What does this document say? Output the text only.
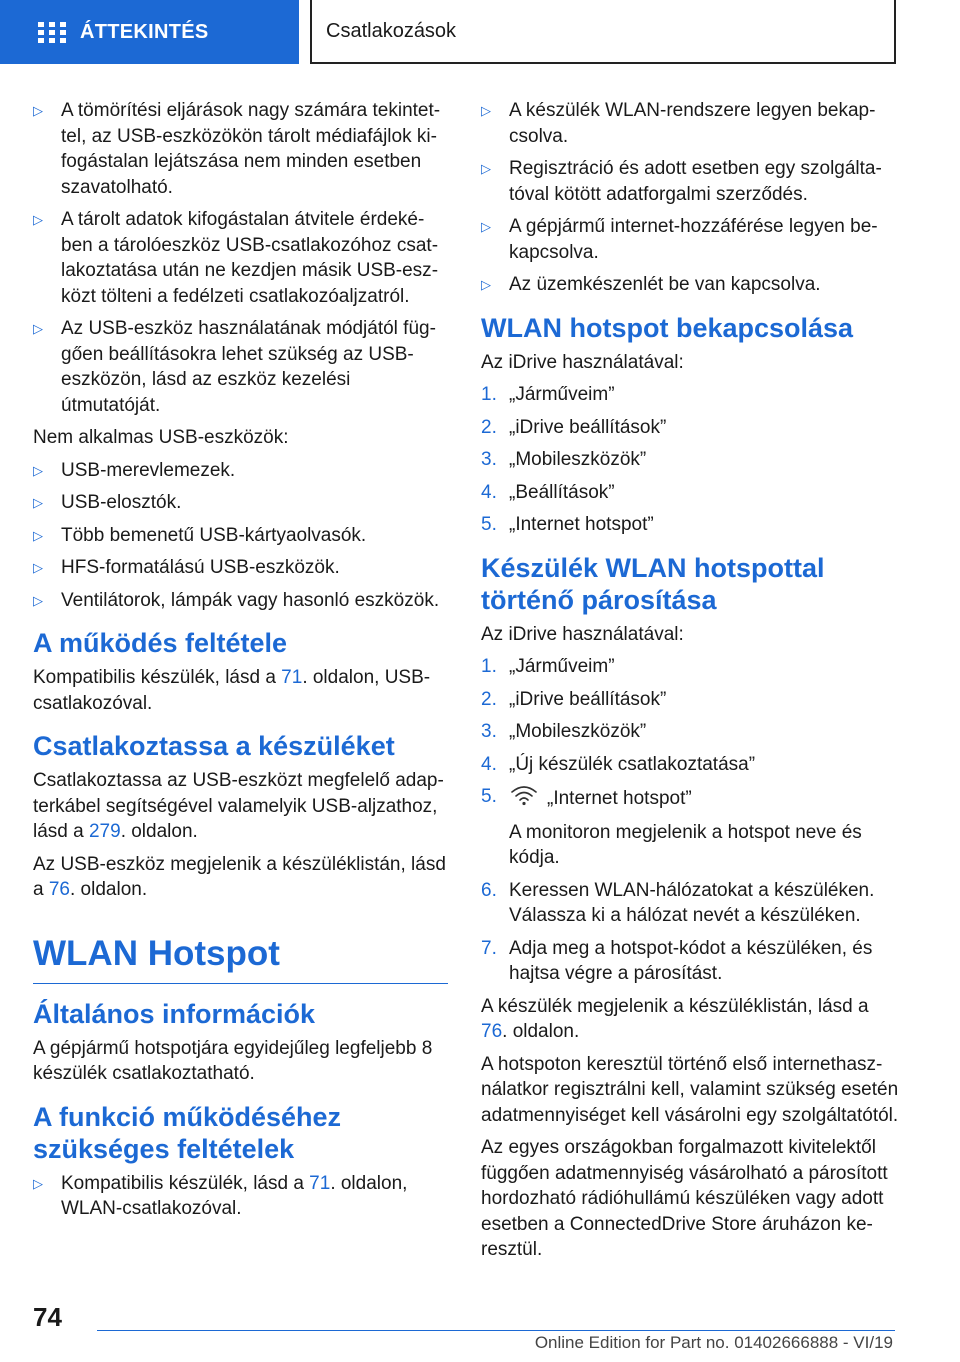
ÁTTEKINTÉS	Csatlakozások
▷ A tömörítési eljárások nagy számára tekintettel, az USB-eszközökön tárolt médiafájlok kifogástalan lejátszása nem minden esetben szavatolható.
▷ A tárolt adatok kifogástalan átvitele érdekében a tárolóeszköz USB-csatlakozóhoz csatlakoztatása után ne kezdjen másik USB-eszközt tölteni a fedélzeti csatlakozóaljzatról.
▷ Az USB-eszköz használatának módjától függően beállításokra lehet szükség az USB-eszközön, lásd az eszköz kezelési útmutatóját.
Nem alkalmas USB-eszközök:
▷ USB-merevlemezek.
▷ USB-elosztók.
▷ Több bemenetű USB-kártyaolvasók.
▷ HFS-formatálású USB-eszközök.
▷ Ventilátorok, lámpák vagy hasonló eszközök.
A működés feltétele
Kompatibilis készülék, lásd a 71. oldalon, USB-csatlakozóval.
Csatlakoztassa a készüléket
Csatlakoztassa az USB-eszközt megfelelő adapterkábel segítségével valamelyik USB-aljzathoz, lásd a 279. oldalon.
Az USB-eszköz megjelenik a készüléklistán, lásd a 76. oldalon.
WLAN Hotspot
Általános információk
A gépjármű hotspotjára egyidejűleg legfeljebb 8 készülék csatlakoztatható.
A funkció működéséhez szükséges feltételek
▷ Kompatibilis készülék, lásd a 71. oldalon, WLAN-csatlakozóval.
▷ A készülék WLAN-rendszere legyen bekapcsolva.
▷ Regisztráció és adott esetben egy szolgáltatóval kötött adatforgalmi szerződés.
▷ A gépjármű internet-hozzáférése legyen bekapcsolva.
▷ Az üzemkészenlét be van kapcsolva.
WLAN hotspot bekapcsolása
Az iDrive használatával:
1. „Járműveim”
2. „iDrive beállítások”
3. „Mobileszközök”
4. „Beállítások”
5. „Internet hotspot”
Készülék WLAN hotspottal történő párosítása
Az iDrive használatával:
1. „Járműveim”
2. „iDrive beállítások”
3. „Mobileszközök”
4. „Új készülék csatlakoztatása”
5.	„Internet hotspot”
A monitoron megjelenik a hotspot neve és kódja.
6. Keressen WLAN-hálózatokat a készüléken. Válassza ki a hálózat nevét a készüléken.
7. Adja meg a hotspot-kódot a készüléken, és hajtsa végre a párosítást.
A készülék megjelenik a készüléklistán, lásd a 76. oldalon.
A hotspoton keresztül történő első internethasználatkor regisztrálni kell, valamint szükség esetén adatmennyiséget kell vásárolni egy szolgáltatótól.
Az egyes országokban forgalmazott kivitelektől függően adatmennyiség vásárolható a párosított hordozható rádióhullámú készüléken vagy adott esetben a ConnectedDrive Store áruházon keresztül.
74
Online Edition for Part no. 01402666888 - VI/19
